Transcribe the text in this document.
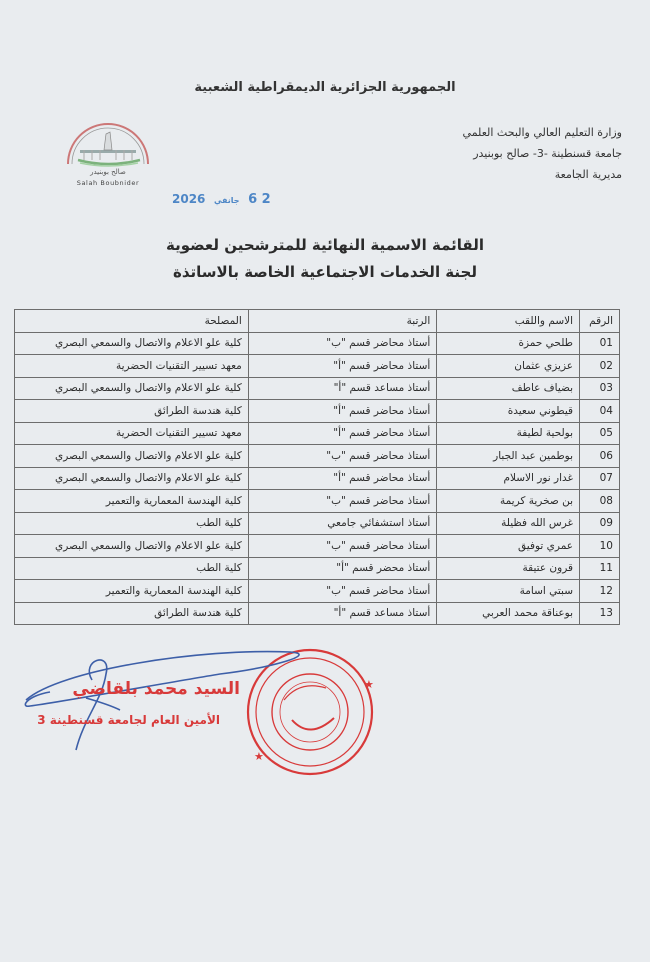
الجمهورية الجزائرية الديمقراطية الشعبية
وزارة التعليم العالي والبحث العلمي
جامعة قسنطينة -3- صالح بوبنيدر
مديرية الجامعة
صالح بوبنيدر
Salah Boubnider
2 6 جانفي 2026
القائمة الاسمية النهائية للمترشحين لعضوية
لجنة الخدمات الاجتماعية الخاصة بالاساتذة
الرقم	الاسم واللقب	الرتبة	المصلحة
01	طلحي حمزة	أستاذ محاضر قسم "ب"	كلية علو الاعلام والاتصال والسمعي البصري
02	عزيزي عثمان	أستاذ محاضر قسم "أ"	معهد تسيير التقنيات الحضرية
03	بضياف عاطف	أستاذ مساعد قسم "أ"	كلية علو الاعلام والاتصال والسمعي البصري
04	قيطوني سعيدة	أستاذ محاضر قسم "أ"	كلية هندسة الطرائق
05	بولحية لطيفة	أستاذ محاضر قسم "أ"	معهد تسيير التقنيات الحضرية
06	بوطمين عبد الجبار	أستاذ محاضر قسم "ب"	كلية علو الاعلام والاتصال والسمعي البصري
07	غدار نور الاسلام	أستاذ محاضر قسم "أ"	كلية علو الاعلام والاتصال والسمعي البصري
08	بن صخرية كريمة	أستاذ محاضر قسم "ب"	كلية الهندسة المعمارية والتعمير
09	غرس الله فظيلة	أستاذ استشفائي جامعي	كلية الطب
10	عمري توفيق	أستاذ محاضر قسم "ب"	كلية علو الاعلام والاتصال والسمعي البصري
11	قرون عتيقة	أستاذ محضر قسم "أ"	كلية الطب
12	سبتي اسامة	أستاذ محاضر قسم "ب"	كلية الهندسة المعمارية والتعمير
13	بوعناقة محمد العربي	أستاذ مساعد قسم "أ"	كلية هندسة الطرائق
★
★
السيد محمد بلقاضي
الأمين العام لجامعة قسنطينة 3
